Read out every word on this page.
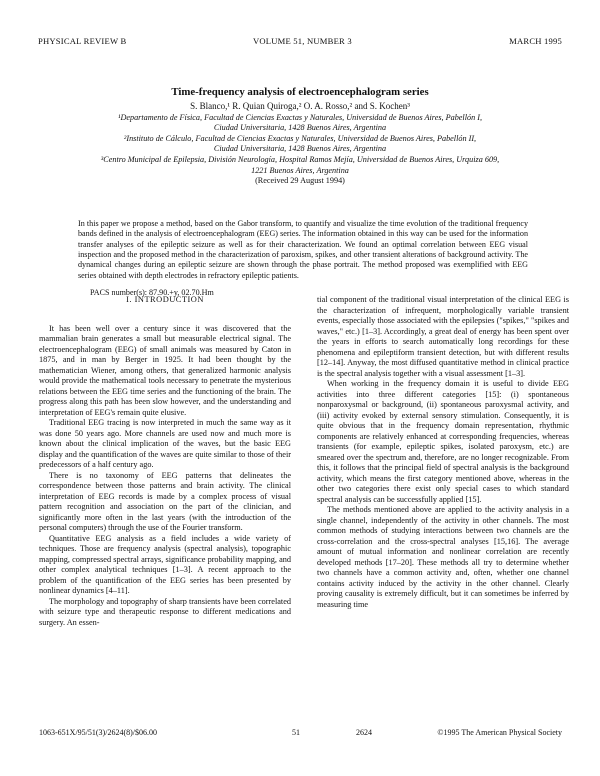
PHYSICAL REVIEW B	VOLUME 51, NUMBER 3	MARCH 1995
Time-frequency analysis of electroencephalogram series
S. Blanco,¹ R. Quian Quiroga,² O. A. Rosso,² and S. Kochen³
¹Departamento de Física, Facultad de Ciencias Exactas y Naturales, Universidad de Buenos Aires, Pabellón I,
Ciudad Universitaria, 1428 Buenos Aires, Argentina
²Instituto de Cálculo, Facultad de Ciencias Exactas y Naturales, Universidad de Buenos Aires, Pabellón II,
Ciudad Universitaria, 1428 Buenos Aires, Argentina
³Centro Municipal de Epilepsia, División Neurología, Hospital Ramos Mejía, Universidad de Buenos Aires, Urquiza 609,
1221 Buenos Aires, Argentina
(Received 29 August 1994)
In this paper we propose a method, based on the Gabor transform, to quantify and visualize the time evolution of the traditional frequency bands defined in the analysis of electroencephalogram (EEG) series. The information obtained in this way can be used for the information transfer analyses of the epileptic seizure as well as for their characterization. We found an optimal correlation between EEG visual inspection and the proposed method in the characterization of paroxism, spikes, and other transient alterations of background activity. The dynamical changes during an epileptic seizure are shown through the phase portrait. The method proposed was exemplified with EEG series obtained with depth electrodes in refractory epileptic patients.
PACS number(s): 87.90.+y, 02.70.Hm
I. INTRODUCTION

It has been well over a century since it was discovered that the mammalian brain generates a small but measurable electrical signal. The electroencephalogram (EEG) of small animals was measured by Caton in 1875, and in man by Berger in 1925. It had been thought by the mathematician Wiener, among others, that generalized harmonic analysis would provide the mathematical tools necessary to penetrate the mysterious relations between the EEG time series and the functioning of the brain. The progress along this path has been slow however, and the understanding and interpretation of EEG's remain quite elusive.

Traditional EEG tracing is now interpreted in much the same way as it was done 50 years ago. More channels are used now and much more is known about the clinical implication of the waves, but the basic EEG display and the quantification of the waves are quite similar to those of their predecessors of a half century ago.

There is no taxonomy of EEG patterns that delineates the correspondence between those patterns and brain activity. The clinical interpretation of EEG records is made by a complex process of visual pattern recognition and association on the part of the clinician, and significantly more often in the last years (with the introduction of the personal computers) through the use of the Fourier transform.

Quantitative EEG analysis as a field includes a wide variety of techniques. Those are frequency analysis (spectral analysis), topographic mapping, compressed spectral arrays, significance probability mapping, and other complex analytical techniques [1–3]. A recent approach to the problem of the quantification of the EEG series has been presented by nonlinear dynamics [4–11].

The morphology and topography of sharp transients have been correlated with seizure type and therapeutic response to different medications and surgery. An essen-

tial component of the traditional visual interpretation of the clinical EEG is the characterization of infrequent, morphologically variable transient events, especially those associated with the epilepsies ("spikes," "spikes and waves," etc.) [1–3]. Accordingly, a great deal of energy has been spent over the years in efforts to search automatically long recordings for these phenomena and epileptiform transient detection, but with different results [12–14]. Anyway, the most diffused quantitative method in clinical practice is the spectral analysis together with a visual assessment [1–3].

When working in the frequency domain it is useful to divide EEG activities into three different categories [15]: (i) spontaneous nonparoxysmal or background, (ii) spontaneous paroxysmal activity, and (iii) activity evoked by external sensory stimulation. Consequently, it is quite obvious that in the frequency domain representation, rhythmic components are relatively enhanced at corresponding frequencies, whereas transients (for example, epileptic spikes, isolated paroxysm, etc.) are smeared over the spectrum and, therefore, are no longer recognizable. From this, it follows that the principal field of spectral analysis is the background activity, which means the first category mentioned above, whereas in the other two categories there exist only special cases to which standard spectral analysis can be successfully applied [15].

The methods mentioned above are applied to the activity analysis in a single channel, independently of the activity in other channels. The most common methods of studying interactions between two channels are the cross-correlation and the cross-spectral analyses [15,16]. The average amount of mutual information and nonlinear correlation are recently developed methods [17–20]. These methods all try to determine whether two channels have a common activity and, often, whether one channel contains activity induced by the activity in the other channel. Clearly proving causality is extremely difficult, but it can sometimes be inferred by measuring time

1063-651X/95/51(3)/2624(8)/$06.00	51	2624	©1995 The American Physical Society
